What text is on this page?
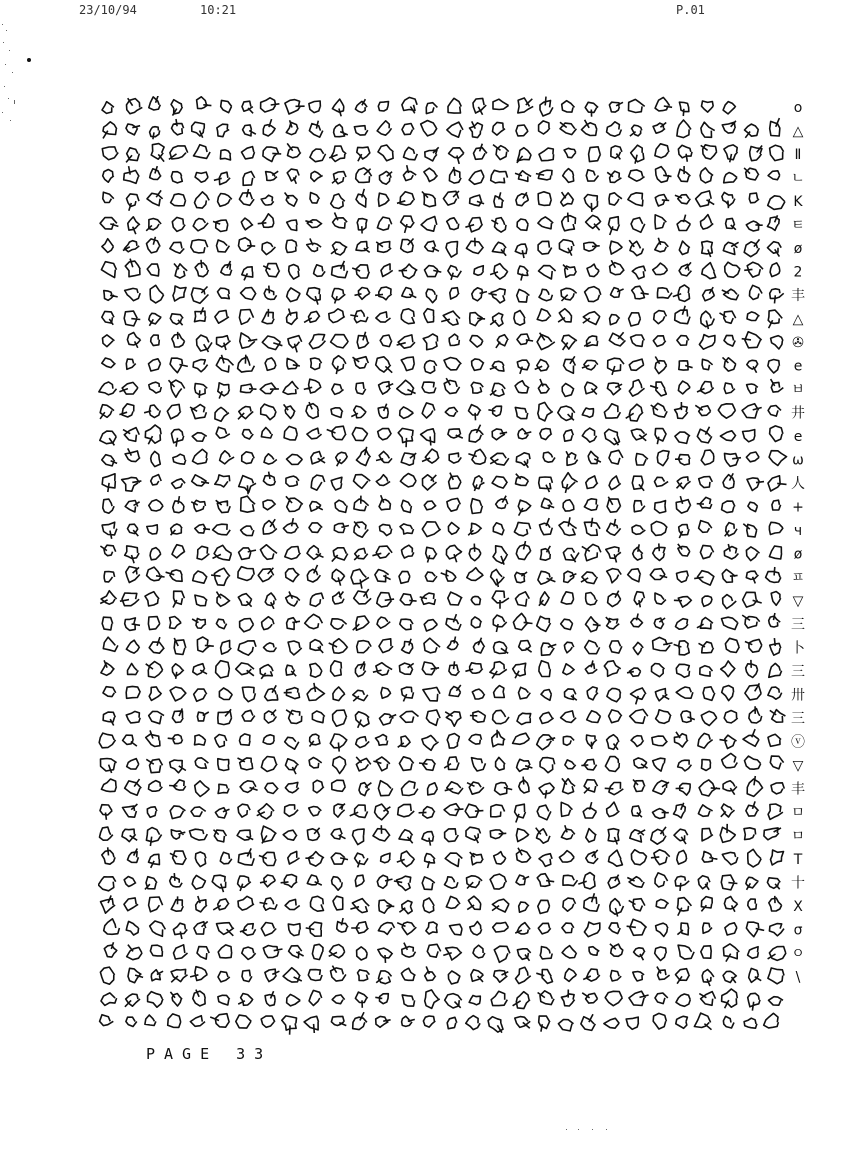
23/10/94	10:21	P.01
o
△
Ⅱ
ㄴ
K
ㅌ
ø
2
丰
△
✇
e
ㅂ
井
e
ω
人
+
ч
ø
ㅍ
▽
三
卜
三
卅
三
ⓥ
▽
丰
ㅁ
ㅁ
T
十
X
σ
ㅇ
\
PAGE 33
